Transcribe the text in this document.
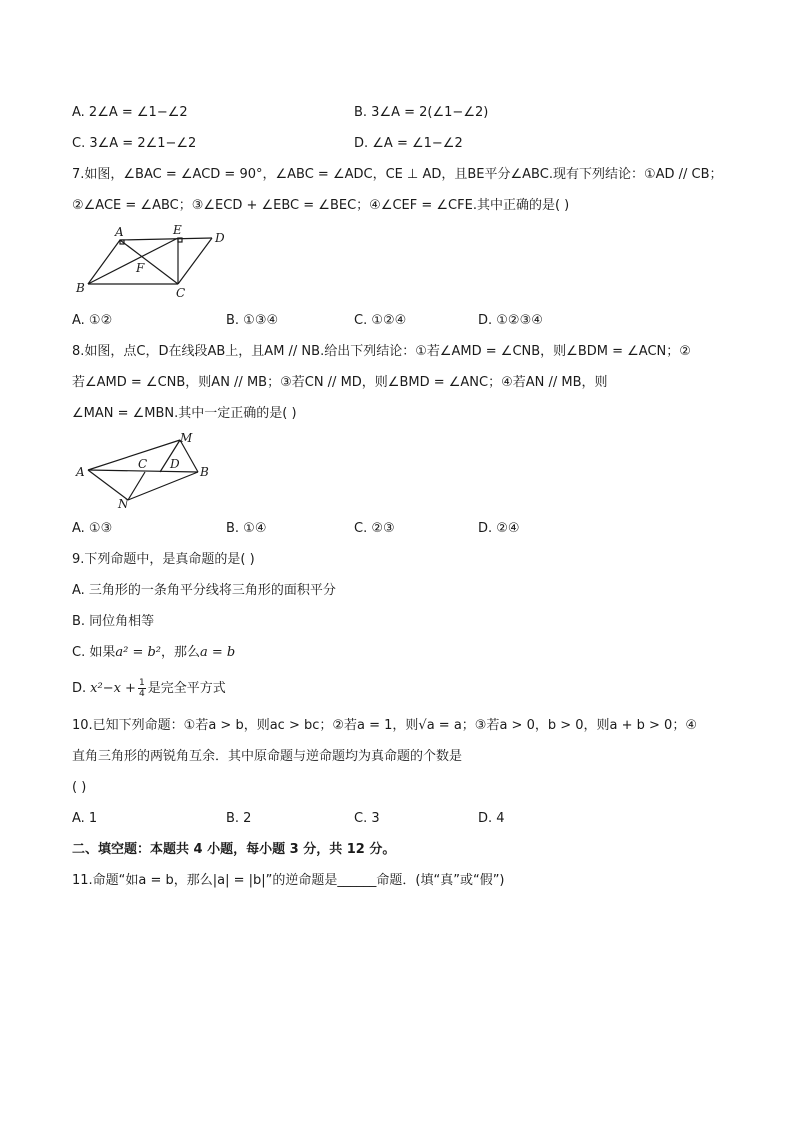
A. 2∠A = ∠1−∠2	B. 3∠A = 2(∠1−∠2)
C. 3∠A = 2∠1−∠2	D. ∠A = ∠1−∠2
7.如图，∠BAC = ∠ACD = 90°，∠ABC = ∠ADC，CE ⊥ AD，且BE平分∠ABC.现有下列结论：①AD // CB；
②∠ACE = ∠ABC；③∠ECD + ∠EBC = ∠BEC；④∠CEF = ∠CFE.其中正确的是( )
A	E
D
F
B	C
A. ①②	B. ①③④	C. ①②④	D. ①②③④
8.如图，点C，D在线段AB上，且AM // NB.给出下列结论：①若∠AMD = ∠CNB，则∠BDM = ∠ACN；②
若∠AMD = ∠CNB，则AN // MB；③若CN // MD，则∠BMD = ∠ANC；④若AN // MB，则
∠MAN = ∠MBN.其中一定正确的是( )
M
A
C D
B
N
A. ①③	B. ①④	C. ②③	D. ②④
9.下列命题中，是真命题的是( )
A. 三角形的一条角平分线将三角形的面积平分
B. 同位角相等
C. 如果a² = b²，那么a = b
D. $x^2-x + \frac{1}{4}$ 是完全平方式
10.已知下列命题：①若a > b，则ac > bc；②若a = 1，则√a = a；③若a > 0，b > 0，则a + b > 0；④
直角三角形的两锐角互余．其中原命题与逆命题均为真命题的个数是
( )
A. 1	B. 2	C. 3	D. 4
二、填空题：本题共 4 小题，每小题 3 分，共 12 分。
11.命题“如a = b，那么|a| = |b|”的逆命题是______命题．(填“真”或“假”)
